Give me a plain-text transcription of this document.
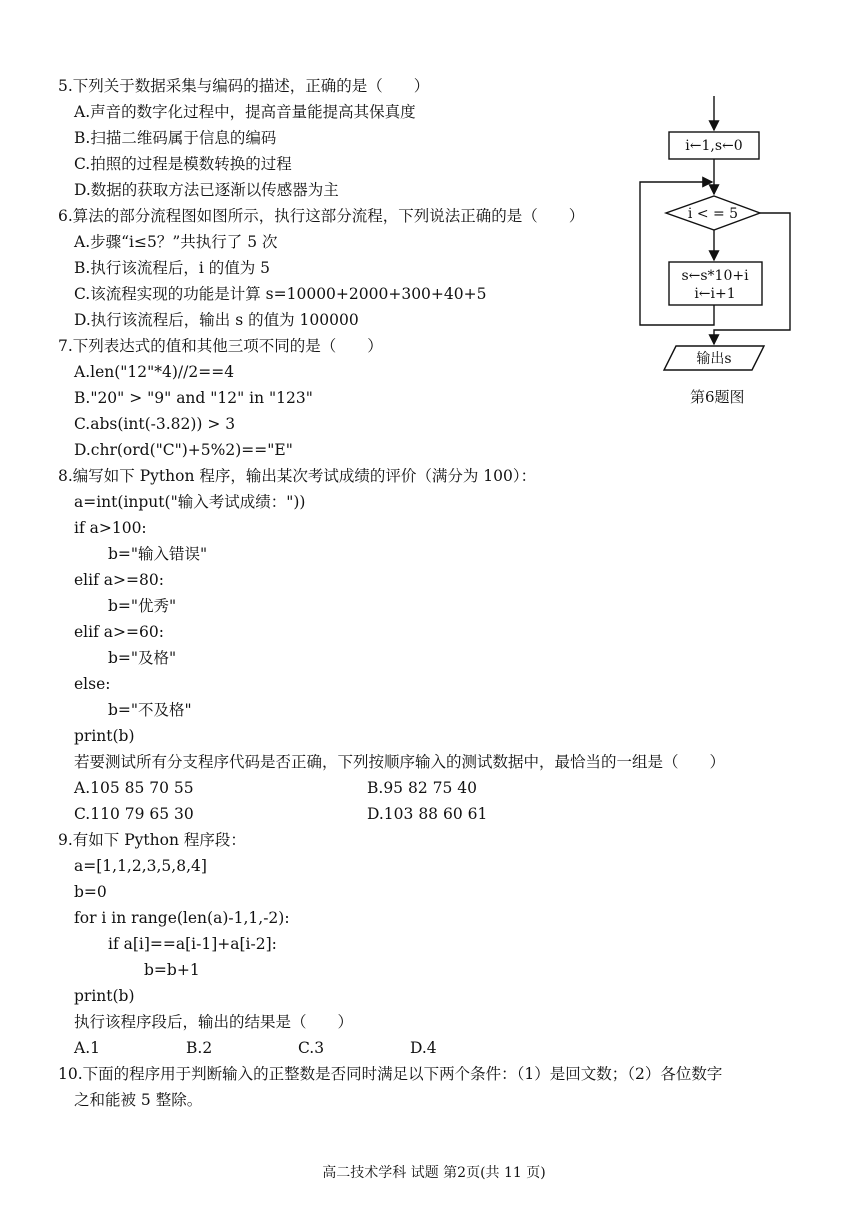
5.下列关于数据采集与编码的描述，正确的是（　　）
A.声音的数字化过程中，提高音量能提高其保真度
B.扫描二维码属于信息的编码
C.拍照的过程是模数转换的过程
D.数据的获取方法已逐渐以传感器为主
6.算法的部分流程图如图所示，执行这部分流程，下列说法正确的是（　　）
A.步骤“i≤5？”共执行了 5 次
B.执行该流程后，i 的值为 5
C.该流程实现的功能是计算 s=10000+2000+300+40+5
D.执行该流程后，输出 s 的值为 100000
7.下列表达式的值和其他三项不同的是（　　）
A.len("12"*4)//2==4
B."20" > "9" and "12" in "123"
C.abs(int(-3.82)) > 3
D.chr(ord("C")+5%2)=="E"
8.编写如下 Python 程序，输出某次考试成绩的评价（满分为 100）：
a=int(input("输入考试成绩："))
if a>100:
b="输入错误"
elif a>=80:
b="优秀"
elif a>=60:
b="及格"
else:
b="不及格"
print(b)
若要测试所有分支程序代码是否正确，下列按顺序输入的测试数据中，最恰当的一组是（　　）
A.105 85 70 55	B.95 82 75 40
C.110 79 65 30	D.103 88 60 61
9.有如下 Python 程序段：
a=[1,1,2,3,5,8,4]
b=0
for i in range(len(a)-1,1,-2):
if a[i]==a[i-1]+a[i-2]:
b=b+1
print(b)
执行该程序段后，输出的结果是（　　）
A.1	B.2	C.3	D.4
10.下面的程序用于判断输入的正整数是否同时满足以下两个条件：（1）是回文数；（2）各位数字
之和能被 5 整除。
i←1,s←0
i < = 5
s←s*10+i
i←i+1
输出s
第6题图
高二技术学科 试题 第2页(共 11 页)
